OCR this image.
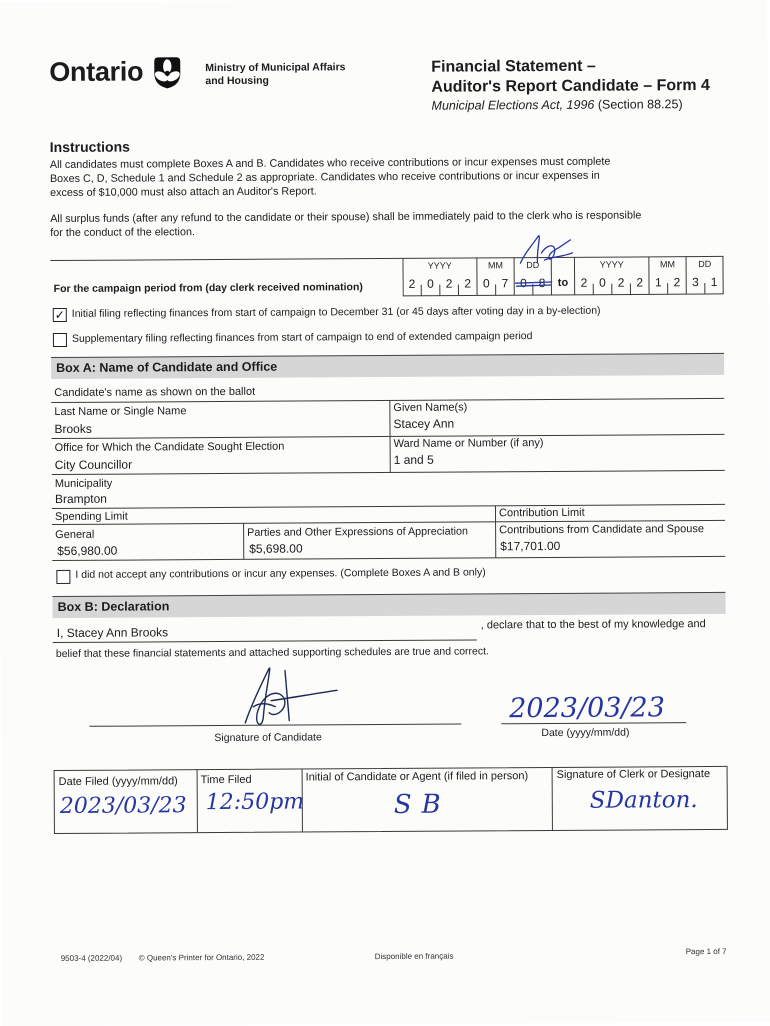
Ontario	Ministry of Municipal Affairs
and Housing
Financial Statement –
Auditor's Report Candidate – Form 4
Municipal Elections Act, 1996 (Section 88.25)
Instructions
All candidates must complete Boxes A and B. Candidates who receive contributions or incur expenses must complete
Boxes C, D, Schedule 1 and Schedule 2 as appropriate. Candidates who receive contributions or incur expenses in
excess of $10,000 must also attach an Auditor's Report.
All surplus funds (after any refund to the candidate or their spouse) shall be immediately paid to the clerk who is responsible
for the conduct of the election.
For the campaign period from (day clerk received nomination)
YYYY	MM	DD
2 0 2 2 0 7 0 8	to
YYYY	MM	DD
2 0 2 2 1 2 3 1
✓ Initial filing reflecting finances from start of campaign to December 31 (or 45 days after voting day in a by-election)
Supplementary filing reflecting finances from start of campaign to end of extended campaign period
Box A: Name of Candidate and Office
Candidate's name as shown on the ballot
Last Name or Single Name
Brooks
Given Name(s)
Stacey Ann
Office for Which the Candidate Sought Election
City Councillor
Ward Name or Number (if any)
1 and 5
Municipality
Brampton
Spending Limit	Contribution Limit
General
$56,980.00
Parties and Other Expressions of Appreciation
$5,698.00
Contributions from Candidate and Spouse
$17,701.00
I did not accept any contributions or incur any expenses. (Complete Boxes A and B only)
Box B: Declaration
I, Stacey Ann Brooks
, declare that to the best of my knowledge and
belief that these financial statements and attached supporting schedules are true and correct.
Signature of Candidate
2023/03/23
Date (yyyy/mm/dd)
Date Filed (yyyy/mm/dd) Time Filed	Initial of Candidate or Agent (if filed in person)	Signature of Clerk or Designate
2023/03/23 12:50pm	SB	SDanton.
9503-4 (2022/04) © Queen's Printer for Ontario, 2022	Disponible en français
Page 1 of 7
